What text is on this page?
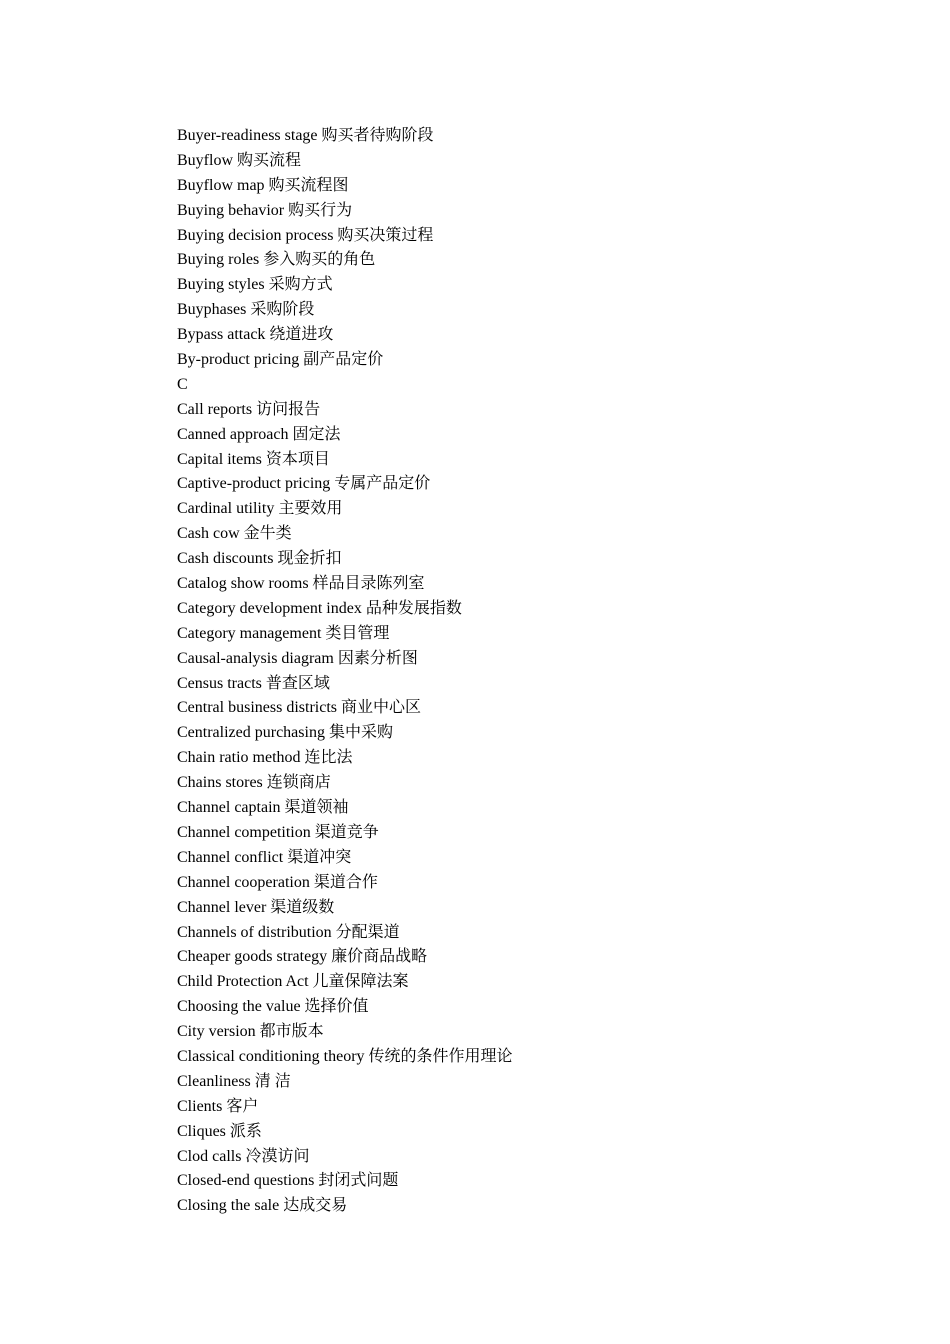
Buyer-readiness stage 购买者待购阶段
Buyflow 购买流程
Buyflow map 购买流程图
Buying behavior 购买行为
Buying decision process 购买决策过程
Buying roles 参入购买的角色
Buying styles 采购方式
Buyphases 采购阶段
Bypass attack 绕道进攻
By-product pricing 副产品定价
C
Call reports 访问报告
Canned approach 固定法
Capital items 资本项目
Captive-product pricing 专属产品定价
Cardinal utility 主要效用
Cash cow 金牛类
Cash discounts 现金折扣
Catalog show rooms 样品目录陈列室
Category development index 品种发展指数
Category management 类目管理
Causal-analysis diagram 因素分析图
Census tracts 普查区域
Central business districts 商业中心区
Centralized purchasing 集中采购
Chain ratio method 连比法
Chains stores 连锁商店
Channel captain 渠道领袖
Channel competition 渠道竞争
Channel conflict 渠道冲突
Channel cooperation 渠道合作
Channel lever 渠道级数
Channels of distribution 分配渠道
Cheaper goods strategy 廉价商品战略
Child Protection Act 儿童保障法案
Choosing the value 选择价值
City version 都市版本
Classical conditioning theory 传统的条件作用理论
Cleanliness 清 洁
Clients 客户
Cliques 派系
Clod calls 冷漠访问
Closed-end questions 封闭式问题
Closing the sale 达成交易
